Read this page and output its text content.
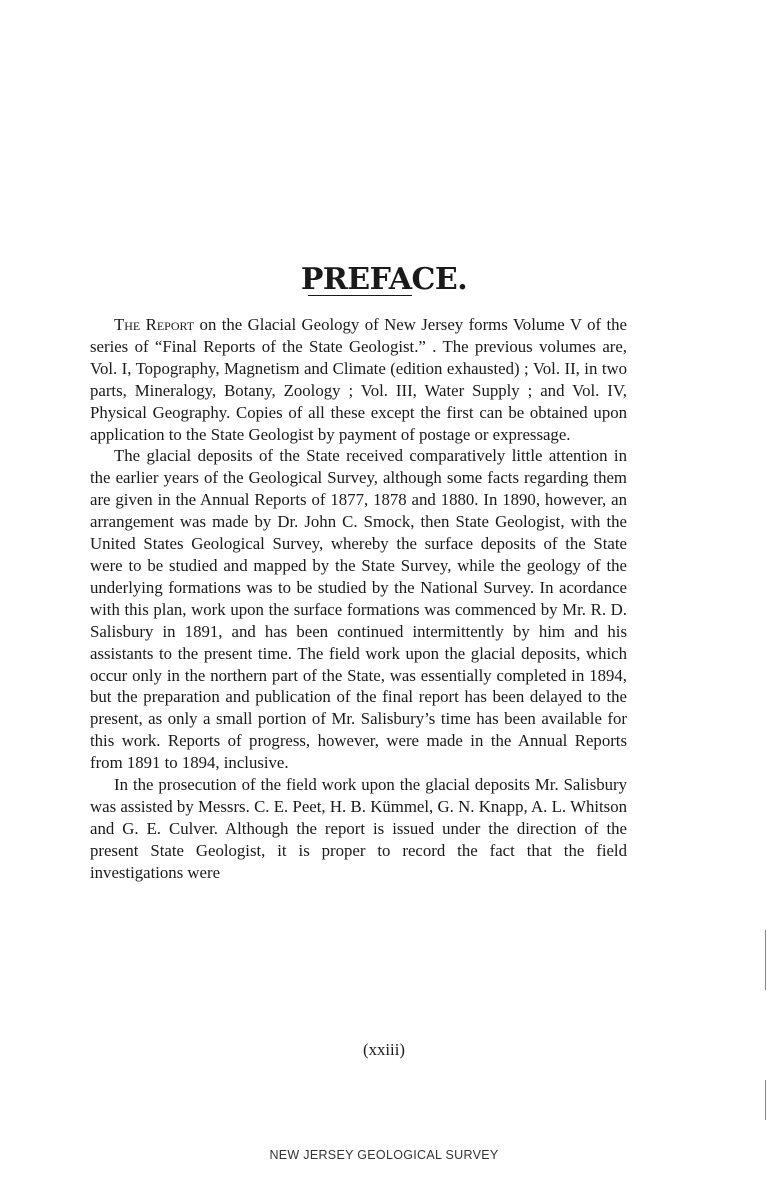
PREFACE.

The Report on the Glacial Geology of New Jersey forms Volume V of the series of “Final Reports of the State Geologist.” . The previous volumes are, Vol. I, Topography, Magnetism and Climate (edition exhausted) ; Vol. II, in two parts, Mineralogy, Botany, Zoology ; Vol. III, Water Supply ; and Vol. IV, Physical Geography. Copies of all these except the first can be obtained upon application to the State Geologist by payment of postage or expressage.

The glacial deposits of the State received comparatively little attention in the earlier years of the Geological Survey, although some facts regarding them are given in the Annual Reports of 1877, 1878 and 1880. In 1890, however, an arrangement was made by Dr. John C. Smock, then State Geologist, with the United States Geological Survey, whereby the surface deposits of the State were to be studied and mapped by the State Survey, while the geology of the underlying formations was to be studied by the National Survey. In acordance with this plan, work upon the surface formations was commenced by Mr. R. D. Salisbury in 1891, and has been continued intermittently by him and his assistants to the present time. The field work upon the glacial deposits, which occur only in the northern part of the State, was essentially completed in 1894, but the preparation and publication of the final report has been delayed to the present, as only a small portion of Mr. Salisbury’s time has been available for this work. Reports of progress, however, were made in the Annual Reports from 1891 to 1894, inclusive.

In the prosecution of the field work upon the glacial deposits Mr. Salisbury was assisted by Messrs. C. E. Peet, H. B. Kümmel, G. N. Knapp, A. L. Whitson and G. E. Culver. Although the report is issued under the direction of the present State Geologist, it is proper to record the fact that the field investigations were

(xxiii)
NEW JERSEY GEOLOGICAL SURVEY
